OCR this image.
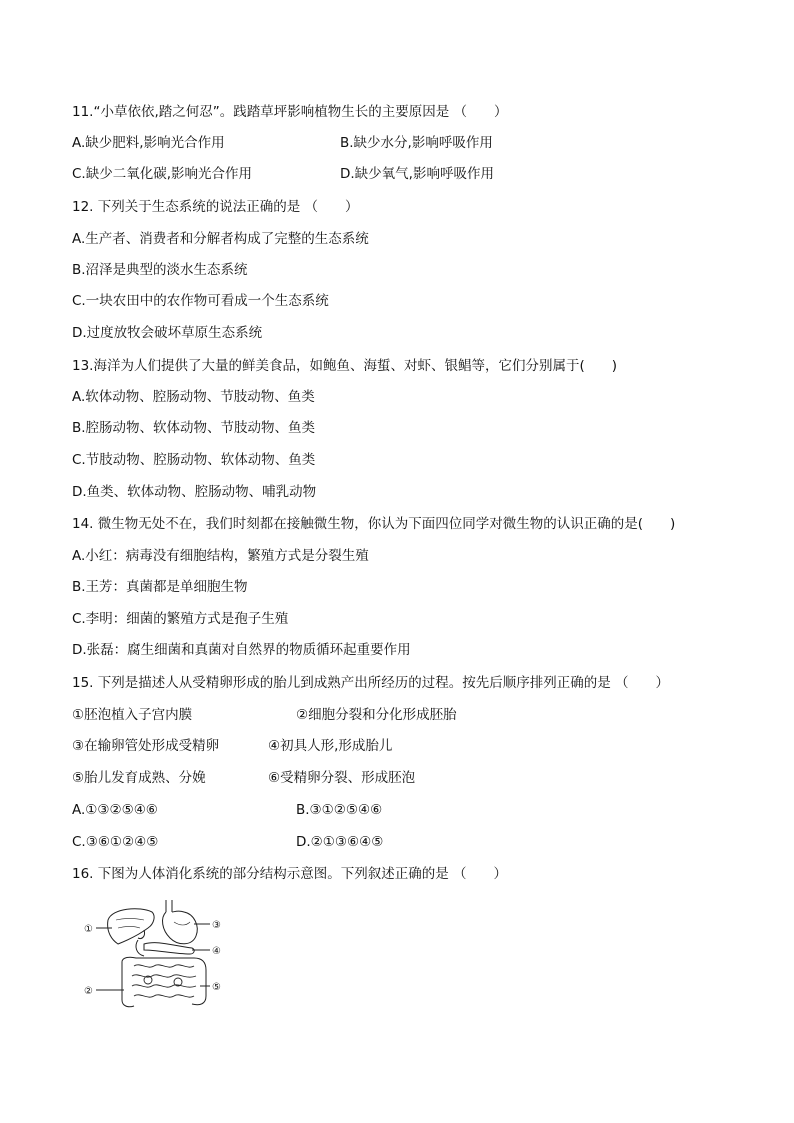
11.“小草依依,踏之何忍”。践踏草坪影响植物生长的主要原因是 （　　）
A.缺少肥料,影响光合作用	B.缺少水分,影响呼吸作用
C.缺少二氧化碳,影响光合作用	D.缺少氧气,影响呼吸作用
12. 下列关于生态系统的说法正确的是 （　　）
A.生产者、消费者和分解者构成了完整的生态系统
B.沼泽是典型的淡水生态系统
C.一块农田中的农作物可看成一个生态系统
D.过度放牧会破坏草原生态系统
13.海洋为人们提供了大量的鲜美食品，如鲍鱼、海蜇、对虾、银鲳等，它们分别属于(　　)
A.软体动物、腔肠动物、节肢动物、鱼类
B.腔肠动物、软体动物、节肢动物、鱼类
C.节肢动物、腔肠动物、软体动物、鱼类
D.鱼类、软体动物、腔肠动物、哺乳动物
14. 微生物无处不在，我们时刻都在接触微生物，你认为下面四位同学对微生物的认识正确的是(　　)
A.小红：病毒没有细胞结构，繁殖方式是分裂生殖
B.王芳：真菌都是单细胞生物
C.李明：细菌的繁殖方式是孢子生殖
D.张磊：腐生细菌和真菌对自然界的物质循环起重要作用
15. 下列是描述人从受精卵形成的胎儿到成熟产出所经历的过程。按先后顺序排列正确的是 （　　）
①胚泡植入子宫内膜	②细胞分裂和分化形成胚胎
③在输卵管处形成受精卵	④初具人形,形成胎儿
⑤胎儿发育成熟、分娩	⑥受精卵分裂、形成胚泡
A.①③②⑤④⑥	B.③①②⑤④⑥
C.③⑥①②④⑤	D.②①③⑥④⑤
16. 下图为人体消化系统的部分结构示意图。下列叙述正确的是 （　　）
①
②
③
④
⑤
